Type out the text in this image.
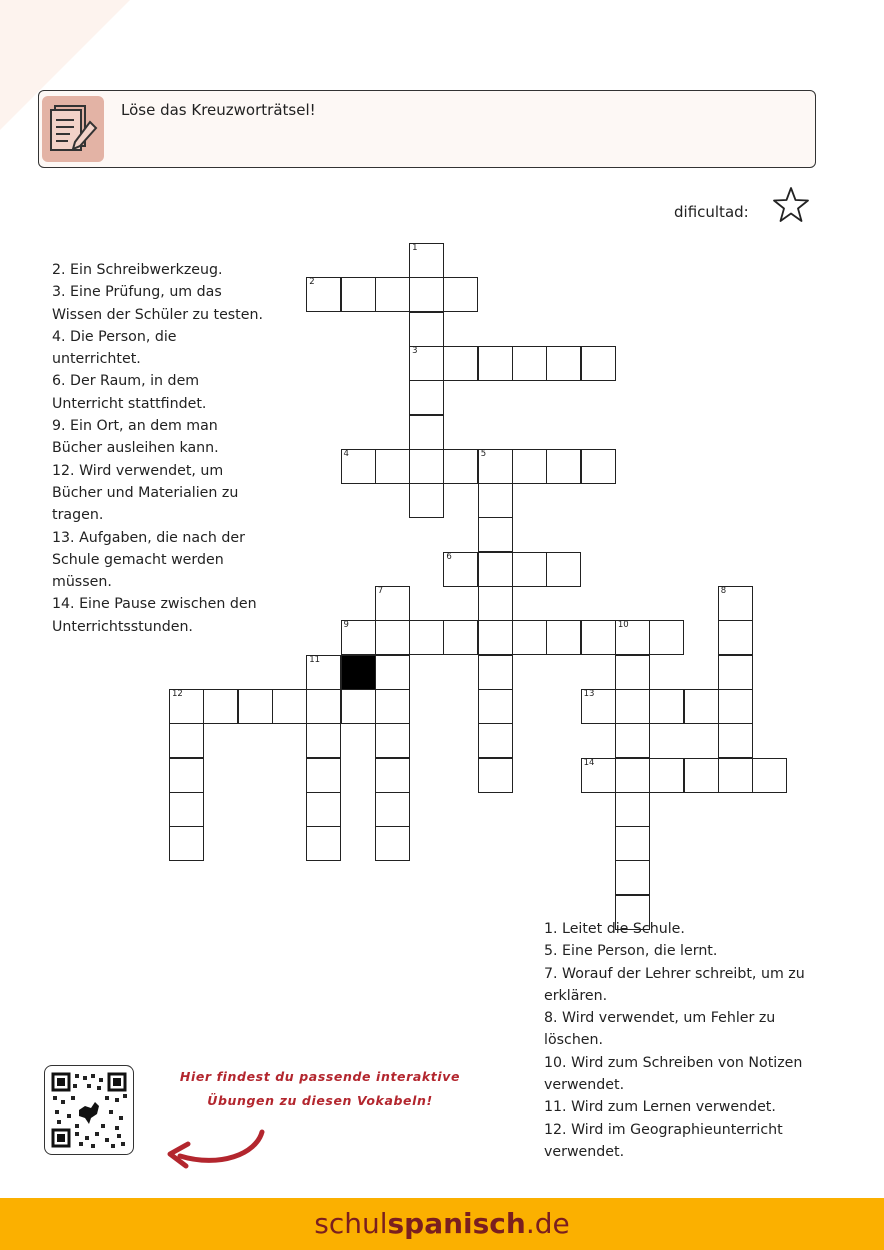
Löse das Kreuzworträtsel!
dificultad:
2. Ein Schreibwerkzeug.
3. Eine Prüfung, um das Wissen der Schüler zu testen.
4. Die Person, die unterrichtet.
6. Der Raum, in dem Unterricht stattfindet.
9. Ein Ort, an dem man Bücher ausleihen kann.
12. Wird verwendet, um Bücher und Materialien zu tragen.
13. Aufgaben, die nach der Schule gemacht werden müssen.
14. Eine Pause zwischen den Unterrichtsstunden.
1
3
2
4	5
6
7	8
9	10
11
12	13
14
1. Leitet die Schule.
5. Eine Person, die lernt.
7. Worauf der Lehrer schreibt, um zu erklären.
8. Wird verwendet, um Fehler zu löschen.
10. Wird zum Schreiben von Notizen verwendet.
11. Wird zum Lernen verwendet.
12. Wird im Geographieunterricht verwendet.
Hier findest du passende interaktive
Übungen zu diesen Vokabeln!
schulspanisch.de
